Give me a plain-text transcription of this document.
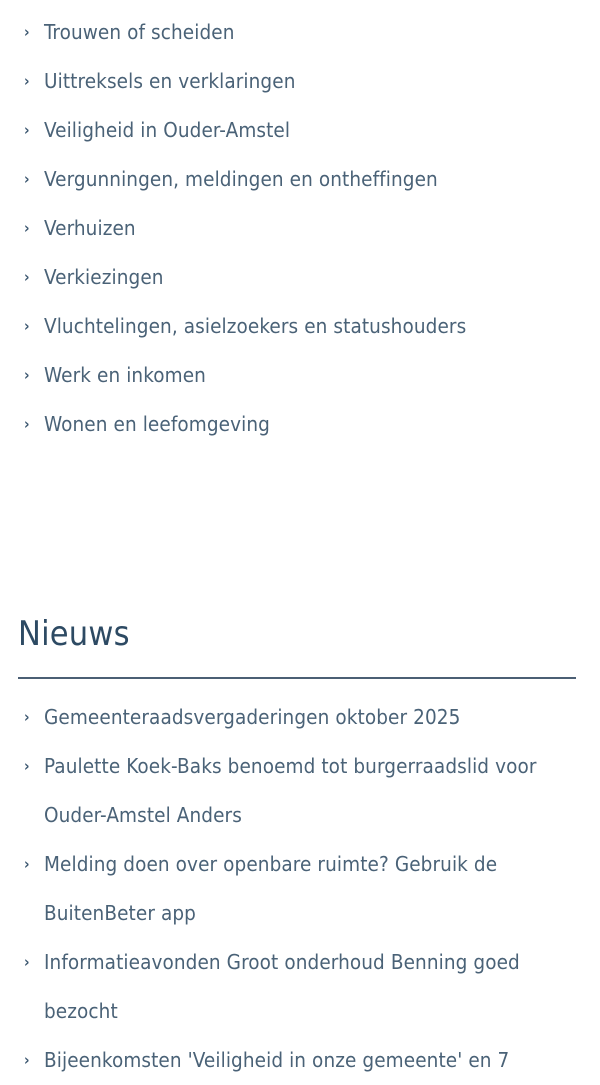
› Trouwen of scheiden
› Uittreksels en verklaringen
› Veiligheid in Ouder-Amstel
› Vergunningen, meldingen en ontheffingen
› Verhuizen
› Verkiezingen
› Vluchtelingen, asielzoekers en statushouders
› Werk en inkomen
› Wonen en leefomgeving
Nieuws
› Gemeenteraadsvergaderingen oktober 2025
› Paulette Koek-Baks benoemd tot burgerraadslid voor Ouder-Amstel Anders
› Melding doen over openbare ruimte? Gebruik de BuitenBeter app
› Informatieavonden Groot onderhoud Benning goed bezocht
› Bijeenkomsten 'Veiligheid in onze gemeente' en 7
